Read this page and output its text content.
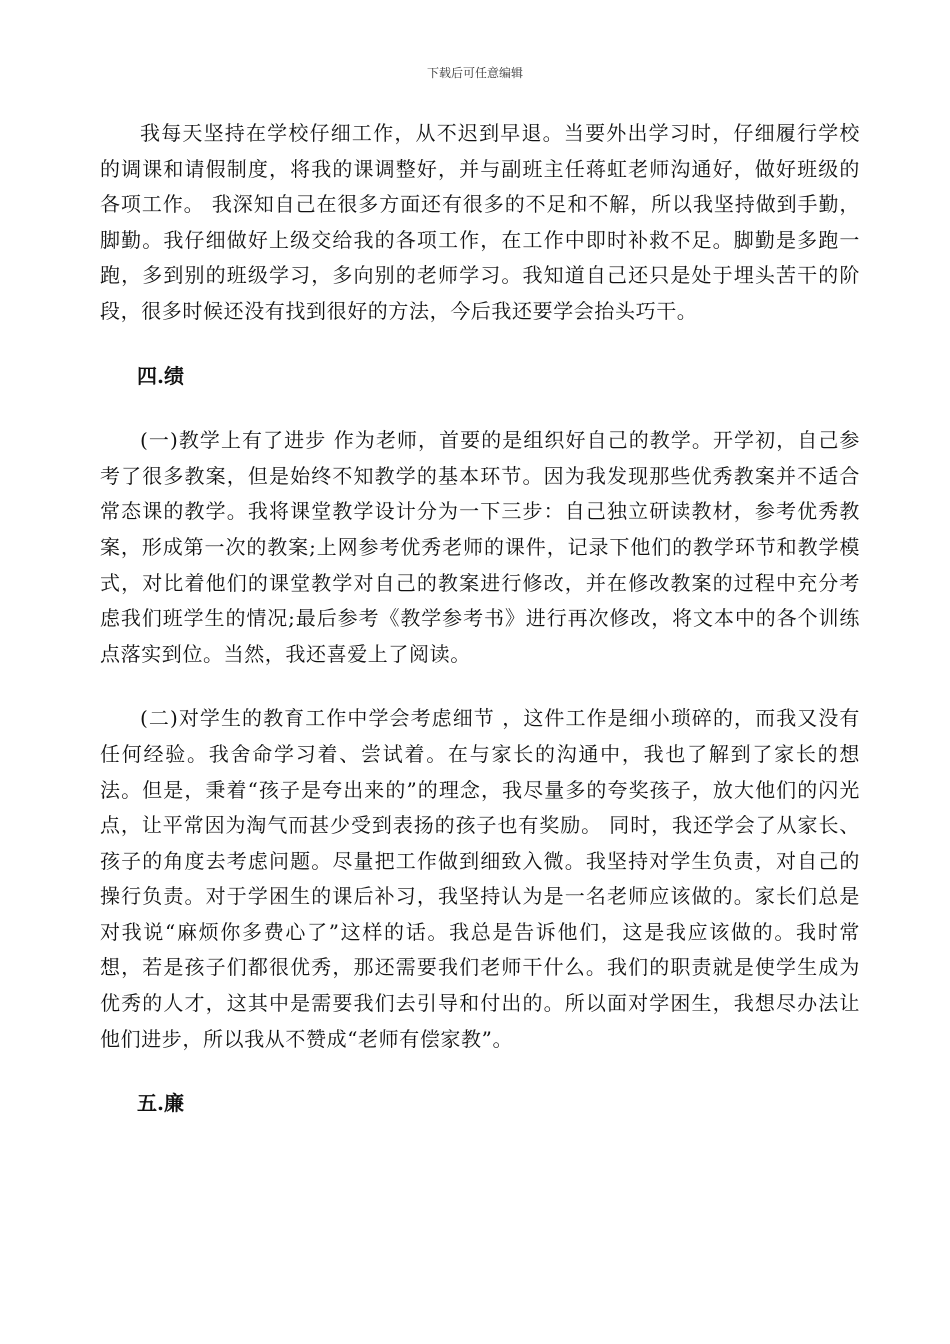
下载后可任意编辑

我每天坚持在学校仔细工作，从不迟到早退。当要外出学习时，仔细履行学校的调课和请假制度，将我的课调整好，并与副班主任蒋虹老师沟通好，做好班级的各项工作。 我深知自己在很多方面还有很多的不足和不解，所以我坚持做到手勤，脚勤。我仔细做好上级交给我的各项工作，在工作中即时补救不足。脚勤是多跑一跑，多到别的班级学习，多向别的老师学习。我知道自己还只是处于埋头苦干的阶段，很多时候还没有找到很好的方法，今后我还要学会抬头巧干。

四.绩

(一)教学上有了进步 作为老师，首要的是组织好自己的教学。开学初，自己参考了很多教案，但是始终不知教学的基本环节。因为我发现那些优秀教案并不适合常态课的教学。我将课堂教学设计分为一下三步：自己独立研读教材，参考优秀教案，形成第一次的教案;上网参考优秀老师的课件，记录下他们的教学环节和教学模式，对比着他们的课堂教学对自己的教案进行修改，并在修改教案的过程中充分考虑我们班学生的情况;最后参考《教学参考书》进行再次修改，将文本中的各个训练点落实到位。当然，我还喜爱上了阅读。

(二)对学生的教育工作中学会考虑细节 ，这件工作是细小琐碎的，而我又没有任何经验。我舍命学习着、尝试着。在与家长的沟通中，我也了解到了家长的想法。但是，秉着“孩子是夸出来的”的理念，我尽量多的夸奖孩子，放大他们的闪光点，让平常因为淘气而甚少受到表扬的孩子也有奖励。 同时，我还学会了从家长、孩子的角度去考虑问题。尽量把工作做到细致入微。我坚持对学生负责，对自己的操行负责。对于学困生的课后补习，我坚持认为是一名老师应该做的。家长们总是对我说“麻烦你多费心了”这样的话。我总是告诉他们，这是我应该做的。我时常想，若是孩子们都很优秀，那还需要我们老师干什么。我们的职责就是使学生成为优秀的人才，这其中是需要我们去引导和付出的。所以面对学困生，我想尽办法让他们进步，所以我从不赞成“老师有偿家教”。

五.廉
